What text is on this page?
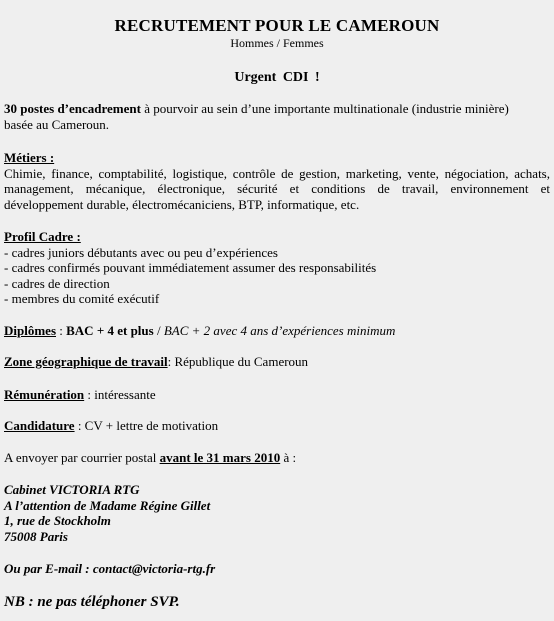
RECRUTEMENT POUR LE CAMEROUN
Hommes / Femmes
Urgent CDI !
30 postes d’encadrement à pourvoir au sein d’une importante multinationale (industrie minière)
basée au Cameroun.
Métiers :
Chimie, finance, comptabilité, logistique, contrôle de gestion, marketing, vente, négociation, achats, management, mécanique, électronique, sécurité et conditions de travail, environnement et développement durable, électromécaniciens, BTP, informatique, etc.
Profil Cadre :
- cadres juniors débutants avec ou peu d’expériences
- cadres confirmés pouvant immédiatement assumer des responsabilités
- cadres de direction
- membres du comité exécutif
Diplômes : BAC + 4 et plus / BAC + 2 avec 4 ans d’expériences minimum
Zone géographique de travail: République du Cameroun
Rémunération : intéressante
Candidature : CV + lettre de motivation
A envoyer par courrier postal avant le 31 mars 2010 à :
Cabinet VICTORIA RTG
A l’attention de Madame Régine Gillet
1, rue de Stockholm
75008 Paris
Ou par E-mail : contact@victoria-rtg.fr
NB : ne pas téléphoner SVP.
